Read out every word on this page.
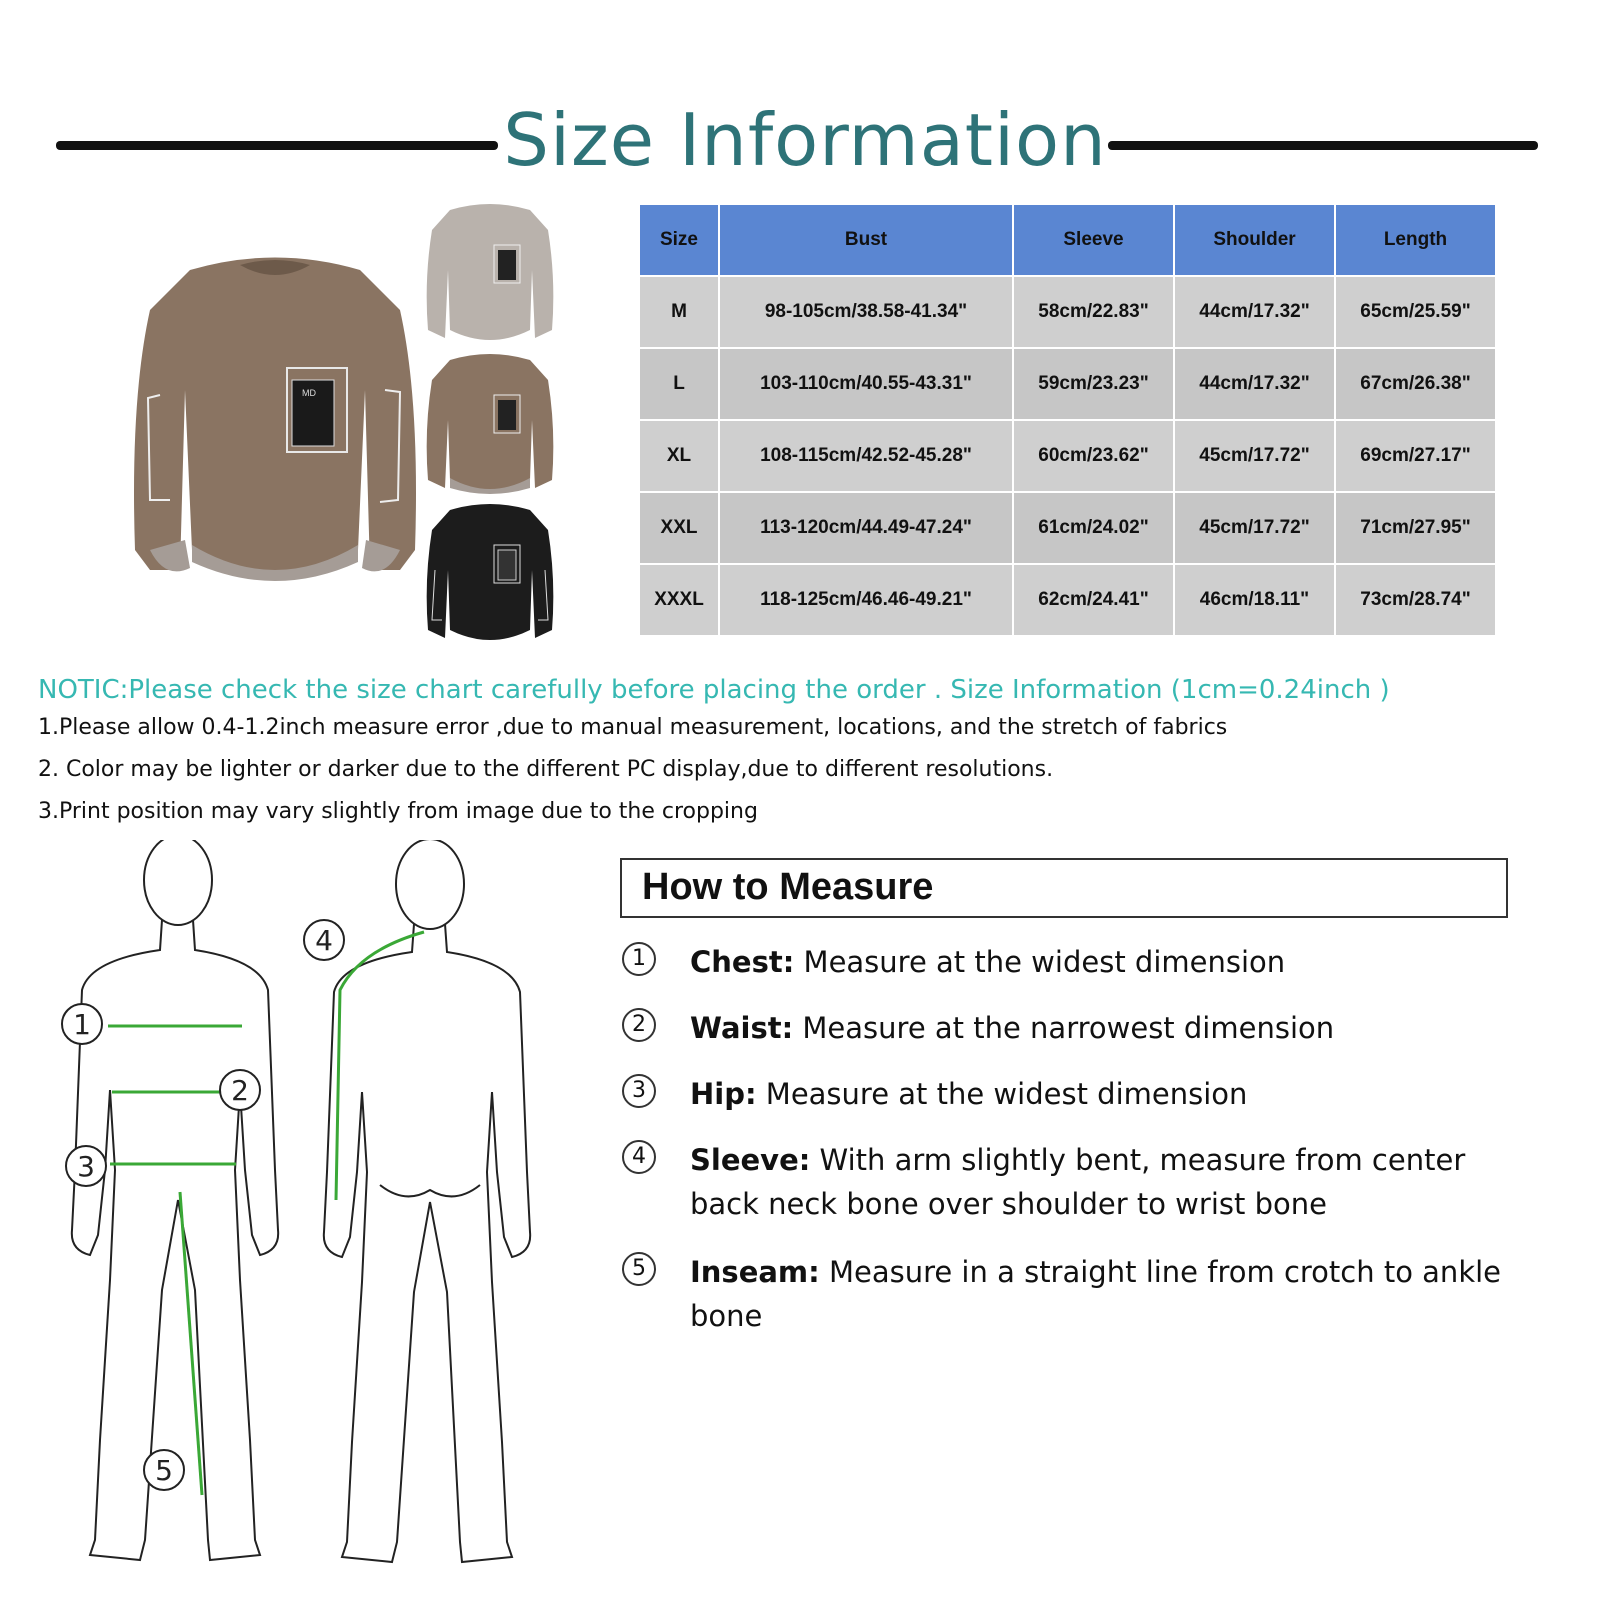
Size Information
MD
Size	Bust	Sleeve	Shoulder	Length
M	98-105cm/38.58-41.34"	58cm/22.83"	44cm/17.32"	65cm/25.59"
L	103-110cm/40.55-43.31"	59cm/23.23"	44cm/17.32"	67cm/26.38"
XL	108-115cm/42.52-45.28"	60cm/23.62"	45cm/17.72"	69cm/27.17"
XXL	113-120cm/44.49-47.24"	61cm/24.02"	45cm/17.72"	71cm/27.95"
XXXL	118-125cm/46.46-49.21"	62cm/24.41"	46cm/18.11"	73cm/28.74"
NOTIC:Please check the size chart carefully before placing the order . Size Information (1cm=0.24inch )
1.Please allow 0.4-1.2inch measure error ,due to manual measurement, locations, and the stretch of fabrics
2. Color may be lighter or darker due to the different PC display,due to different resolutions.
3.Print position may vary slightly from image due to the cropping
1
2
3
4
5
How to Measure
1	Chest: Measure at the widest dimension
2	Waist: Measure at the narrowest dimension
3	Hip: Measure at the widest dimension
4	Sleeve: With arm slightly bent, measure from center back neck bone over shoulder to wrist bone
5	Inseam: Measure in a straight line from crotch to ankle bone
